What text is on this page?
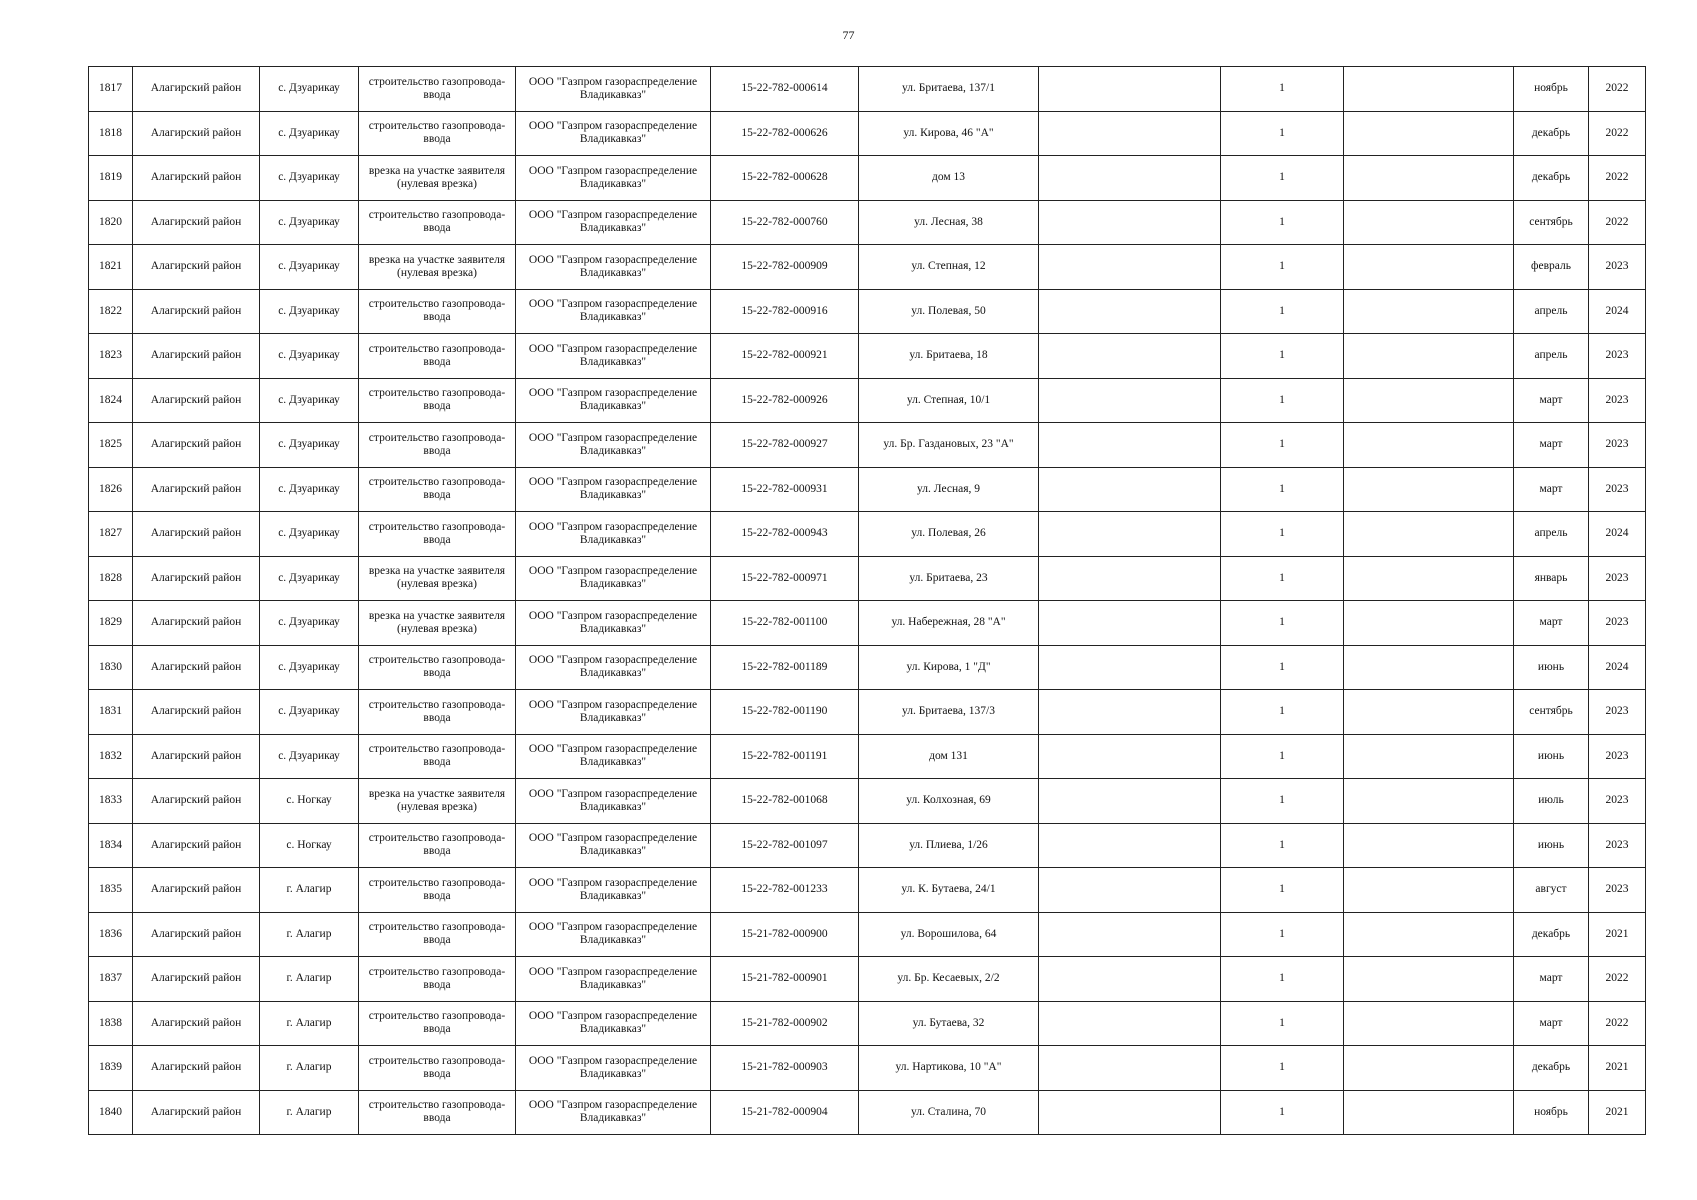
77
1817	Алагирский район	с. Дзуарикау	строительство газопровода-ввода	ООО "Газпром газораспределение Владикавказ"	15-22-782-000614	ул. Бритаева, 137/1		1		ноябрь	2022
1818	Алагирский район	с. Дзуарикау	строительство газопровода-ввода	ООО "Газпром газораспределение Владикавказ"	15-22-782-000626	ул. Кирова, 46 "А"		1		декабрь	2022
1819	Алагирский район	с. Дзуарикау	врезка на участке заявителя (нулевая врезка)	ООО "Газпром газораспределение Владикавказ"	15-22-782-000628	дом 13		1		декабрь	2022
1820	Алагирский район	с. Дзуарикау	строительство газопровода-ввода	ООО "Газпром газораспределение Владикавказ"	15-22-782-000760	ул. Лесная, 38		1		сентябрь	2022
1821	Алагирский район	с. Дзуарикау	врезка на участке заявителя (нулевая врезка)	ООО "Газпром газораспределение Владикавказ"	15-22-782-000909	ул. Степная, 12		1		февраль	2023
1822	Алагирский район	с. Дзуарикау	строительство газопровода-ввода	ООО "Газпром газораспределение Владикавказ"	15-22-782-000916	ул. Полевая, 50		1		апрель	2024
1823	Алагирский район	с. Дзуарикау	строительство газопровода-ввода	ООО "Газпром газораспределение Владикавказ"	15-22-782-000921	ул. Бритаева, 18		1		апрель	2023
1824	Алагирский район	с. Дзуарикау	строительство газопровода-ввода	ООО "Газпром газораспределение Владикавказ"	15-22-782-000926	ул. Степная, 10/1		1		март	2023
1825	Алагирский район	с. Дзуарикау	строительство газопровода-ввода	ООО "Газпром газораспределение Владикавказ"	15-22-782-000927	ул. Бр. Газдановых, 23 "А"		1		март	2023
1826	Алагирский район	с. Дзуарикау	строительство газопровода-ввода	ООО "Газпром газораспределение Владикавказ"	15-22-782-000931	ул. Лесная, 9		1		март	2023
1827	Алагирский район	с. Дзуарикау	строительство газопровода-ввода	ООО "Газпром газораспределение Владикавказ"	15-22-782-000943	ул. Полевая, 26		1		апрель	2024
1828	Алагирский район	с. Дзуарикау	врезка на участке заявителя (нулевая врезка)	ООО "Газпром газораспределение Владикавказ"	15-22-782-000971	ул. Бритаева, 23		1		январь	2023
1829	Алагирский район	с. Дзуарикау	врезка на участке заявителя (нулевая врезка)	ООО "Газпром газораспределение Владикавказ"	15-22-782-001100	ул. Набережная, 28 "А"		1		март	2023
1830	Алагирский район	с. Дзуарикау	строительство газопровода-ввода	ООО "Газпром газораспределение Владикавказ"	15-22-782-001189	ул. Кирова, 1 "Д"		1		июнь	2024
1831	Алагирский район	с. Дзуарикау	строительство газопровода-ввода	ООО "Газпром газораспределение Владикавказ"	15-22-782-001190	ул. Бритаева, 137/3		1		сентябрь	2023
1832	Алагирский район	с. Дзуарикау	строительство газопровода-ввода	ООО "Газпром газораспределение Владикавказ"	15-22-782-001191	дом 131		1		июнь	2023
1833	Алагирский район	с. Ногкау	врезка на участке заявителя (нулевая врезка)	ООО "Газпром газораспределение Владикавказ"	15-22-782-001068	ул. Колхозная, 69		1		июль	2023
1834	Алагирский район	с. Ногкау	строительство газопровода-ввода	ООО "Газпром газораспределение Владикавказ"	15-22-782-001097	ул. Плиева, 1/26		1		июнь	2023
1835	Алагирский район	г. Алагир	строительство газопровода-ввода	ООО "Газпром газораспределение Владикавказ"	15-22-782-001233	ул. К. Бутаева, 24/1		1		август	2023
1836	Алагирский район	г. Алагир	строительство газопровода-ввода	ООО "Газпром газораспределение Владикавказ"	15-21-782-000900	ул. Ворошилова, 64		1		декабрь	2021
1837	Алагирский район	г. Алагир	строительство газопровода-ввода	ООО "Газпром газораспределение Владикавказ"	15-21-782-000901	ул. Бр. Кесаевых, 2/2		1		март	2022
1838	Алагирский район	г. Алагир	строительство газопровода-ввода	ООО "Газпром газораспределение Владикавказ"	15-21-782-000902	ул. Бутаева, 32		1		март	2022
1839	Алагирский район	г. Алагир	строительство газопровода-ввода	ООО "Газпром газораспределение Владикавказ"	15-21-782-000903	ул. Нартикова, 10 "А"		1		декабрь	2021
1840	Алагирский район	г. Алагир	строительство газопровода-ввода	ООО "Газпром газораспределение Владикавказ"	15-21-782-000904	ул. Сталина, 70		1		ноябрь	2021
